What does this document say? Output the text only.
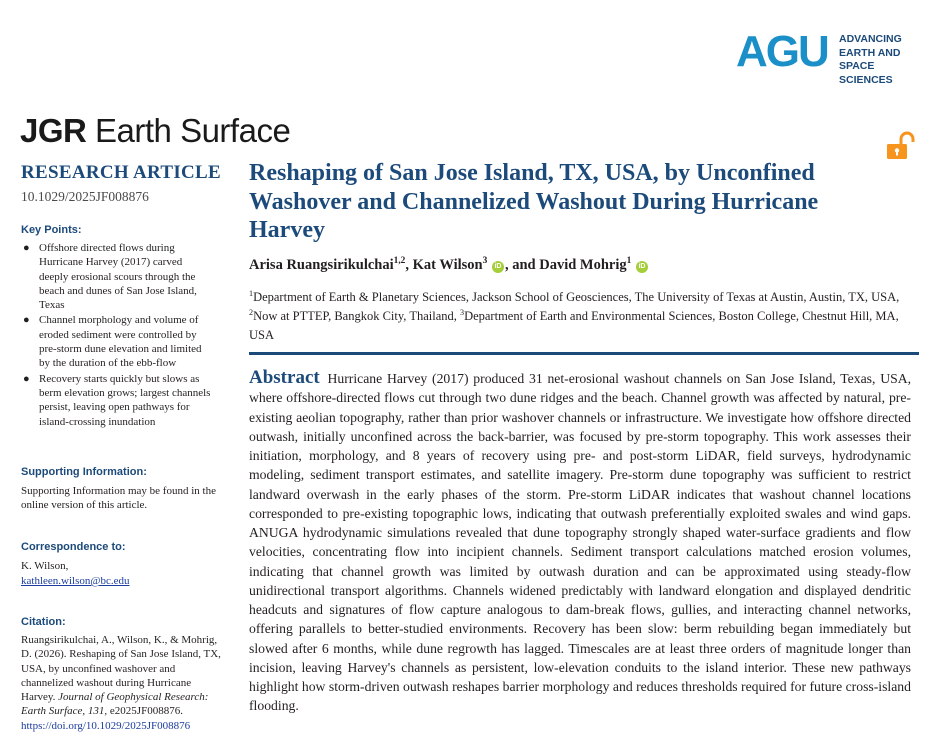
AGU ADVANCING
EARTH AND
SPACE SCIENCES
JGR Earth Surface
RESEARCH ARTICLE
10.1029/2025JF008876
Key Points:
● Offshore directed flows during Hurricane Harvey (2017) carved deeply erosional scours through the beach and dunes of San Jose Island, Texas
● Channel morphology and volume of eroded sediment were controlled by pre-storm dune elevation and limited by the duration of the ebb-flow
● Recovery starts quickly but slows as berm elevation grows; largest channels persist, leaving open pathways for island-crossing inundation
Supporting Information:
Supporting Information may be found in the online version of this article.
Correspondence to:
K. Wilson,
kathleen.wilson@bc.edu
Citation:
Ruangsirikulchai, A., Wilson, K., & Mohrig, D. (2026). Reshaping of San Jose Island, TX, USA, by unconfined washover and channelized washout during Hurricane Harvey. Journal of Geophysical Research: Earth Surface, 131, e2025JF008876.
https://doi.org/10.1029/2025JF008876
Reshaping of San Jose Island, TX, USA, by Unconfined Washover and Channelized Washout During Hurricane Harvey
Arisa Ruangsirikulchai$^{1,2}$, Kat Wilson$^3$ iD , and David Mohrig$^1$ iD
$^1$Department of Earth & Planetary Sciences, Jackson School of Geosciences, The University of Texas at Austin, Austin, TX, USA, $^2$Now at PTTEP, Bangkok City, Thailand, $^3$Department of Earth and Environmental Sciences, Boston College, Chestnut Hill, MA, USA
Abstract Hurricane Harvey (2017) produced 31 net-erosional washout channels on San Jose Island, Texas, USA, where offshore-directed flows cut through two dune ridges and the beach. Channel growth was affected by natural, pre-existing aeolian topography, rather than prior washover channels or infrastructure. We investigate how offshore directed outwash, initially unconfined across the back-barrier, was focused by pre-storm topography. This work assesses their initiation, morphology, and 8 years of recovery using pre- and post-storm LiDAR, field surveys, hydrodynamic modeling, sediment transport estimates, and satellite imagery. Pre-storm dune topography was sufficient to restrict landward overwash in the early phases of the storm. Pre-storm LiDAR indicates that washout channel locations corresponded to pre-existing topographic lows, indicating that outwash preferentially exploited swales and wind gaps. ANUGA hydrodynamic simulations revealed that dune topography strongly shaped water-surface gradients and flow velocities, concentrating flow into incipient channels. Sediment transport calculations matched erosion volumes, indicating that channel growth was limited by outwash duration and can be approximated using steady-flow unidirectional transport algorithms. Channels widened predictably with landward elongation and displayed dendritic headcuts and signatures of flow capture analogous to dam-break flows, gullies, and interacting channel networks, offering parallels to better-studied environments. Recovery has been slow: berm rebuilding began immediately but slowed after 6 months, while dune regrowth has lagged. Timescales are at least three orders of magnitude longer than incision, leaving Harvey's channels as persistent, low-elevation conduits to the island interior. These new pathways highlight how storm-driven outwash reshapes barrier morphology and reduces thresholds required for future cross-island flooding.
